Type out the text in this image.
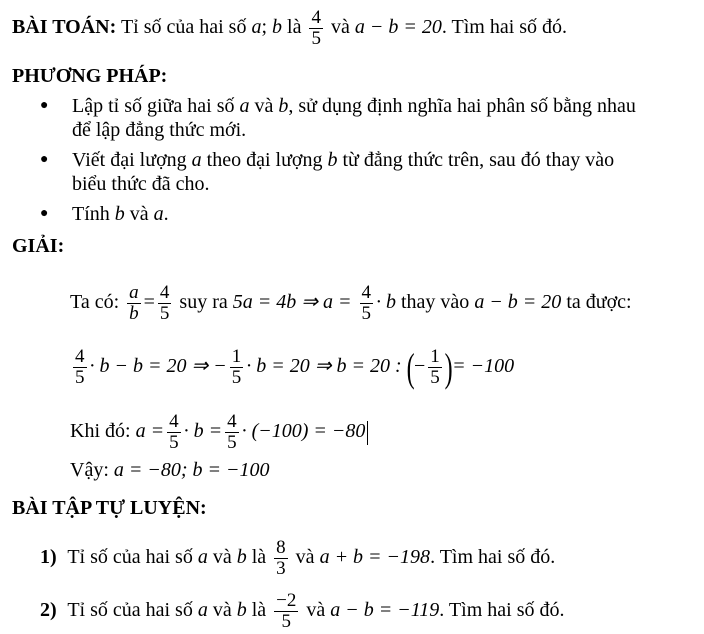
BÀI TOÁN: Tỉ số của hai số a; b là $\frac{4}{5}$ và a − b = 20. Tìm hai số đó.
PHƯƠNG PHÁP:
● Lập tỉ số giữa hai số a và b, sử dụng định nghĩa hai phân số bằng nhau
để lập đẳng thức mới.
● Viết đại lượng a theo đại lượng b từ đẳng thức trên, sau đó thay vào
biểu thức đã cho.
● Tính b và a.
GIẢI:
Ta có: $\frac{a}{b} = \frac{4}{5}$ suy ra 5a = 4b ⇒ $a = \frac{4}{5} \cdot b$ thay vào a − b = 20 ta được:
$\frac{4}{5} \cdot b - b = 20$ ⇒ − $\frac{1}{5} \cdot b = 20$ ⇒ b = 20 : (− $\frac{1}{5}$ )= −100
Khi đó: $a = \frac{4}{5} \cdot b = \frac{4}{5} \cdot (-100) = -80$
Vậy: a = −80; b = −100
BÀI TẬP TỰ LUYỆN:
1) Tỉ số của hai số a và b là $\frac{8}{3}$ và a + b = −198. Tìm hai số đó.
2) Tỉ số của hai số a và b là $\frac{-2}{5}$ và a − b = −119. Tìm hai số đó.
